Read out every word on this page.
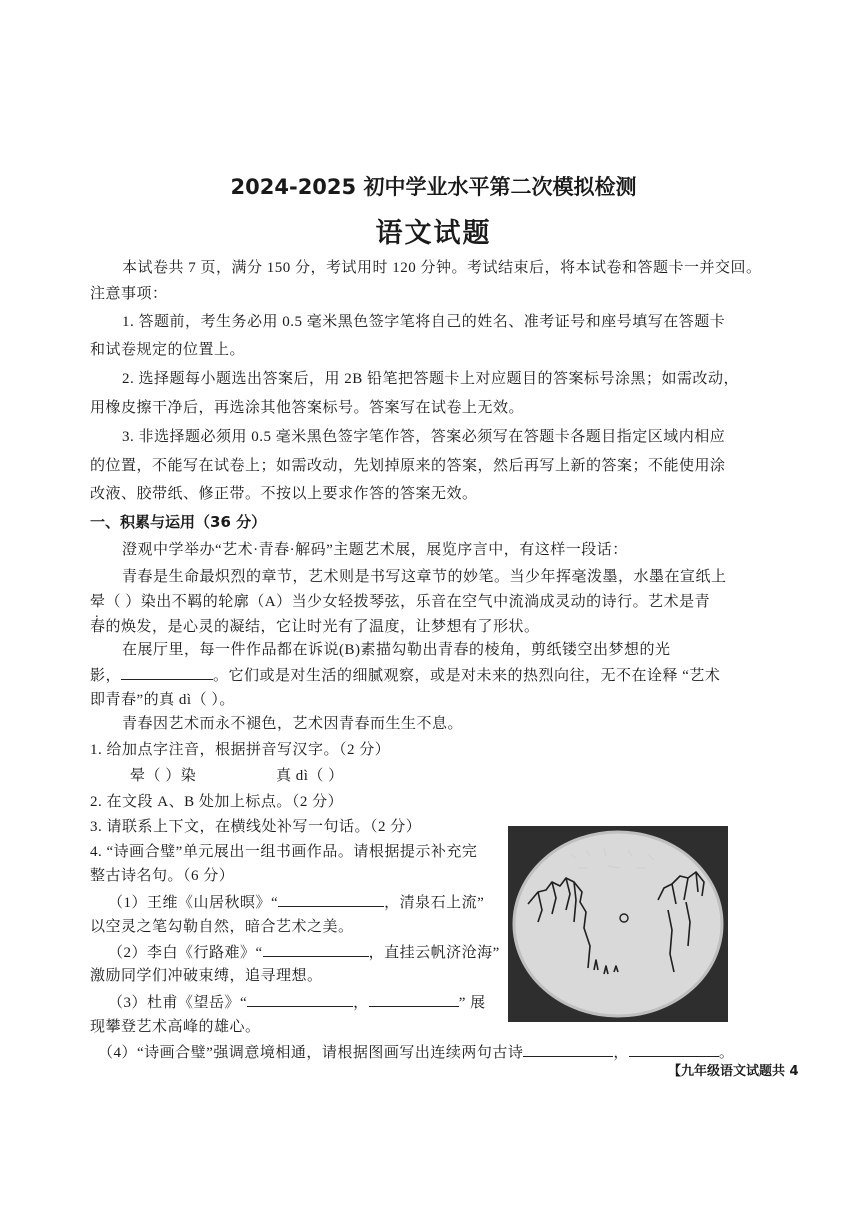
2024-2025 初中学业水平第二次模拟检测
语文试题
本试卷共 7 页，满分 150 分，考试用时 120 分钟。考试结束后，将本试卷和答题卡一并交回。
注意事项：
1. 答题前，考生务必用 0.5 毫米黑色签字笔将自己的姓名、准考证号和座号填写在答题卡
和试卷规定的位置上。
2. 选择题每小题选出答案后，用 2B 铅笔把答题卡上对应题目的答案标号涂黑；如需改动，
用橡皮擦干净后，再选涂其他答案标号。答案写在试卷上无效。
3. 非选择题必须用 0.5 毫米黑色签字笔作答，答案必须写在答题卡各题目指定区域内相应
的位置，不能写在试卷上；如需改动，先划掉原来的答案，然后再写上新的答案；不能使用涂
改液、胶带纸、修正带。不按以上要求作答的答案无效。
一、积累与运用（36 分）
澄观中学举办“艺术·青春·解码”主题艺术展，展览序言中，有这样一段话：
青春是生命最炽烈的章节，艺术则是书写这章节的妙笔。当少年挥毫泼墨，水墨在宣纸上
晕（ ）染出不羁的轮廓（A）当少女轻拨琴弦，乐音在空气中流淌成灵动的诗行。艺术是青
春的焕发，是心灵的凝结，它让时光有了温度，让梦想有了形状。
在展厅里，每一件作品都在诉说(B)素描勾勒出青春的棱角，剪纸镂空出梦想的光
影，	。它们或是对生活的细腻观察，或是对未来的热烈向往，无不在诠释 “艺术
即青春”的真 dì（ ）。
青春因艺术而永不褪色，艺术因青春而生生不息。
1. 给加点字注音，根据拼音写汉字。（2 分）
晕（ ）染	真 dì（ ）
2. 在文段 A、B 处加上标点。（2 分）
3. 请联系上下文，在横线处补写一句话。（2 分）
4. “诗画合璧”单元展出一组书画作品。请根据提示补充完
整古诗名句。（6 分）
（1）王维《山居秋暝》“	，清泉石上流”
以空灵之笔勾勒自然，暗合艺术之美。
（2）李白《行路难》“	，直挂云帆济沧海”
激励同学们冲破束缚，追寻理想。
（3）杜甫《望岳》“	，	” 展
现攀登艺术高峰的雄心。
（4）“诗画合璧”强调意境相通，请根据图画写出连续两句古诗	，	。
【九年级语文试题共 4
